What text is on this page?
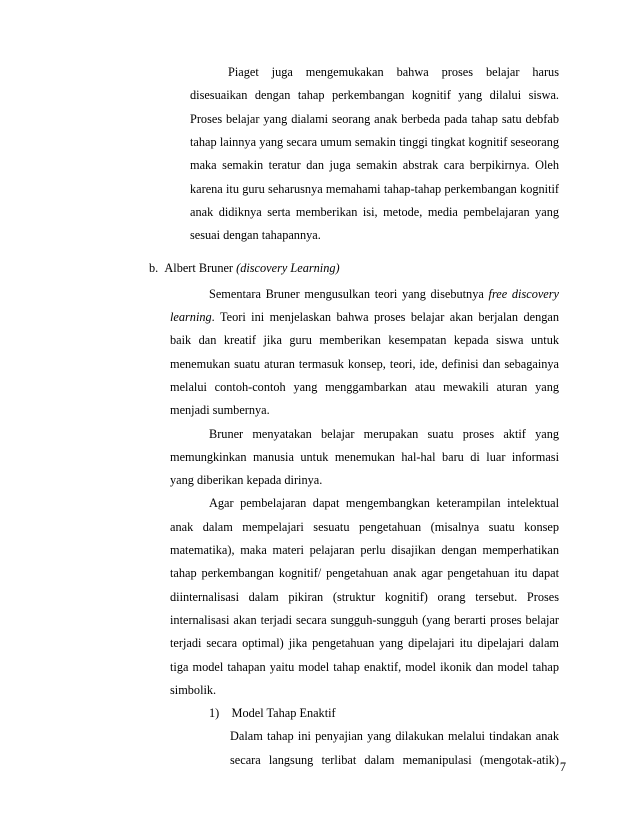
Piaget juga mengemukakan bahwa proses belajar harus
disesuaikan dengan tahap perkembangan kognitif yang dilalui siswa.
Proses belajar yang dialami seorang anak berbeda pada tahap satu debfab
tahap lainnya yang secara umum semakin tinggi tingkat kognitif seseorang
maka semakin teratur dan juga semakin abstrak cara berpikirnya. Oleh
karena itu guru seharusnya memahami tahap-tahap perkembangan kognitif
anak didiknya serta memberikan isi, metode, media pembelajaran yang
sesuai dengan tahapannya.
b. Albert Bruner (discovery Learning)
Sementara Bruner mengusulkan teori yang disebutnya free discovery
learning. Teori ini menjelaskan bahwa proses belajar akan berjalan dengan
baik dan kreatif jika guru memberikan kesempatan kepada siswa untuk
menemukan suatu aturan termasuk konsep, teori, ide, definisi dan sebagainya
melalui contoh-contoh yang menggambarkan atau mewakili aturan yang
menjadi sumbernya.
Bruner menyatakan belajar merupakan suatu proses aktif yang
memungkinkan manusia untuk menemukan hal-hal baru di luar informasi
yang diberikan kepada dirinya.
Agar pembelajaran dapat mengembangkan keterampilan intelektual
anak dalam mempelajari sesuatu pengetahuan (misalnya suatu konsep
matematika), maka materi pelajaran perlu disajikan dengan memperhatikan
tahap perkembangan kognitif/ pengetahuan anak agar pengetahuan itu dapat
diinternalisasi dalam pikiran (struktur kognitif) orang tersebut. Proses
internalisasi akan terjadi secara sungguh-sungguh (yang berarti proses belajar
terjadi secara optimal) jika pengetahuan yang dipelajari itu dipelajari dalam
tiga model tahapan yaitu model tahap enaktif, model ikonik dan model tahap
simbolik.
7
1) Model Tahap Enaktif
Dalam tahap ini penyajian yang dilakukan melalui tindakan anak
secara langsung terlibat dalam memanipulasi (mengotak-atik)
